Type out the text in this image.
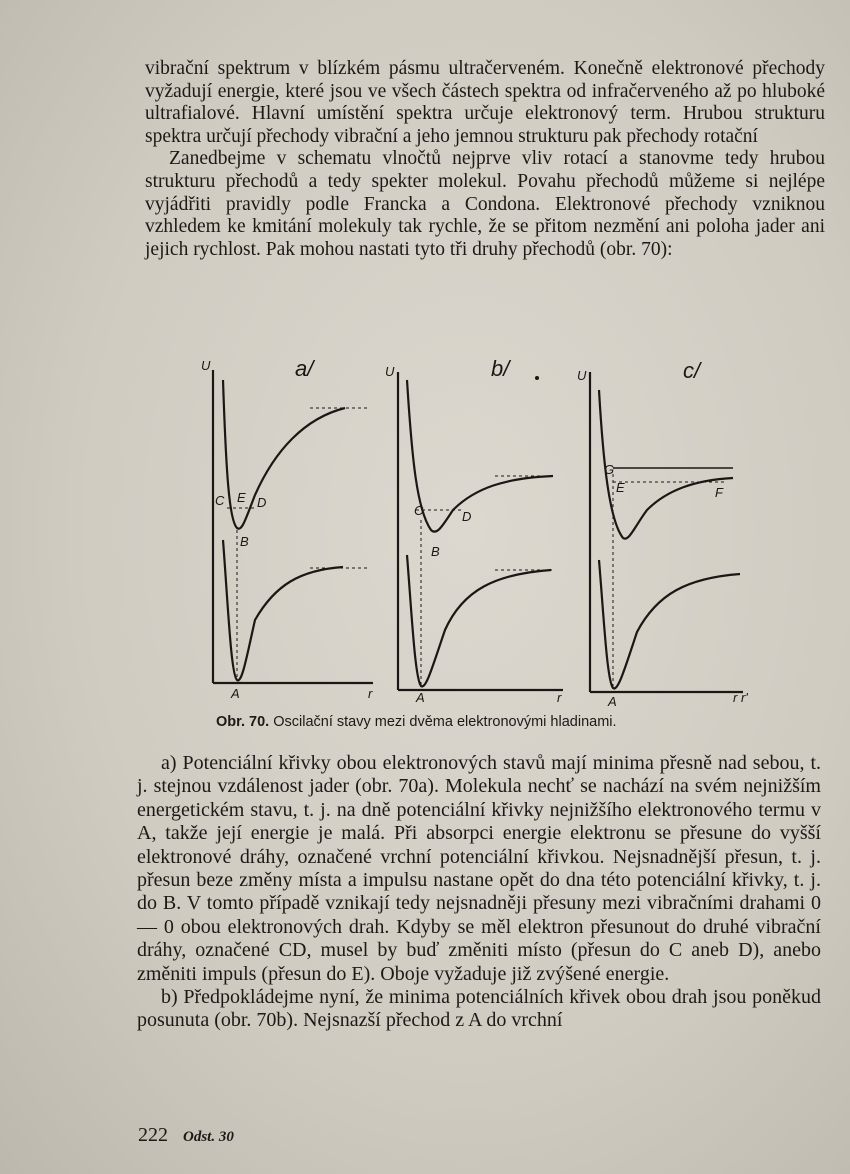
vibrační spektrum v blízkém pásmu ultračerveném. Konečně elektronové přechody vyžadují energie, které jsou ve všech částech spektra od infračerveného až po hluboké ultrafialové. Hlavní umístění spektra určuje elektronový term. Hrubou strukturu spektra určují přechody vibrační a jeho jemnou strukturu pak přechody rotační

Zanedbejme v schematu vlnočtů nejprve vliv rotací a stanovme tedy hrubou strukturu přechodů a tedy spekter molekul. Povahu přechodů můžeme si nejlépe vyjádřiti pravidly podle Francka a Condona. Elektronové přechody vzniknou vzhledem ke kmitání molekuly tak rychle, že se přitom nezmění ani poloha jader ani jejich rychlost. Pak mohou nastati tyto tři druhy přechodů (obr. 70):

U	a/
C E D
B
A	r
U	b/
C	D
B
A	r
U	c/
G
E	F
A	r r'
Obr. 70. Oscilační stavy mezi dvěma elektronovými hladinami.

a) Potenciální křivky obou elektronových stavů mají minima přesně nad sebou, t. j. stejnou vzdálenost jader (obr. 70a). Molekula nechť se nachází na svém nejnižším energetickém stavu, t. j. na dně potenciální křivky nejnižšího elektronového termu v A, takže její energie je malá. Při absorpci energie elektronu se přesune do vyšší elektronové dráhy, označené vrchní potenciální křivkou. Nejsnadnější přesun, t. j. přesun beze změny místa a impulsu nastane opět do dna této potenciální křivky, t. j. do B. V tomto případě vznikají tedy nejsnadněji přesuny mezi vibračními drahami 0 — 0 obou elektronových drah. Kdyby se měl elektron přesunout do druhé vibrační dráhy, označené CD, musel by buď změniti místo (přesun do C aneb D), anebo změniti impuls (přesun do E). Oboje vyžaduje již zvýšené energie.

b) Předpokládejme nyní, že minima potenciálních křivek obou drah jsou poněkud posunuta (obr. 70b). Nejsnazší přechod z A do vrchní

222 Odst. 30
